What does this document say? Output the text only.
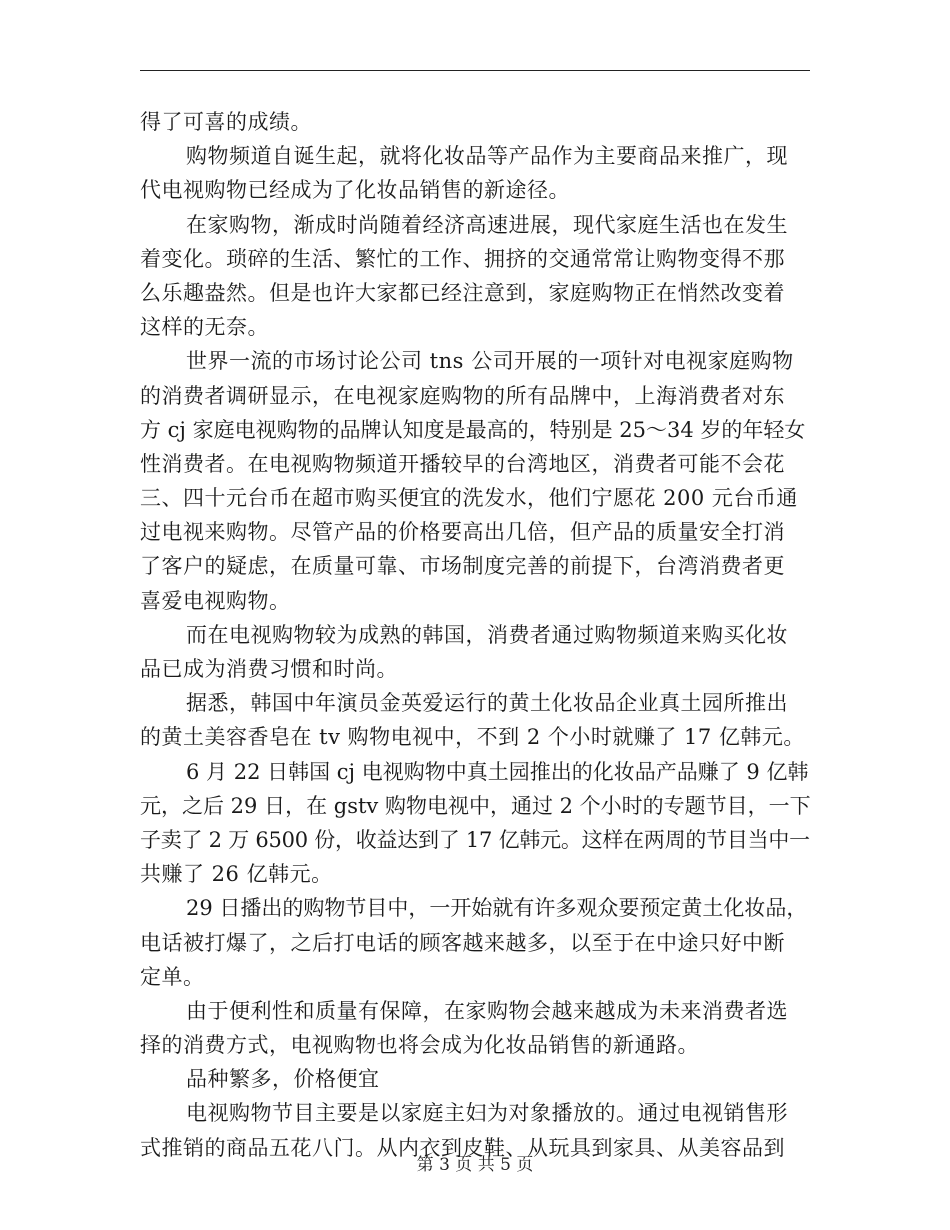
得了可喜的成绩。
购物频道自诞生起，就将化妆品等产品作为主要商品来推广，现
代电视购物已经成为了化妆品销售的新途径。
在家购物，渐成时尚随着经济高速进展，现代家庭生活也在发生
着变化。琐碎的生活、繁忙的工作、拥挤的交通常常让购物变得不那
么乐趣盎然。但是也许大家都已经注意到，家庭购物正在悄然改变着
这样的无奈。
世界一流的市场讨论公司 tns 公司开展的一项针对电视家庭购物
的消费者调研显示，在电视家庭购物的所有品牌中，上海消费者对东
方 cj 家庭电视购物的品牌认知度是最高的，特别是 25～34 岁的年轻女
性消费者。在电视购物频道开播较早的台湾地区，消费者可能不会花
三、四十元台币在超市购买便宜的洗发水，他们宁愿花 200 元台币通
过电视来购物。尽管产品的价格要高出几倍，但产品的质量安全打消
了客户的疑虑，在质量可靠、市场制度完善的前提下，台湾消费者更
喜爱电视购物。
而在电视购物较为成熟的韩国，消费者通过购物频道来购买化妆
品已成为消费习惯和时尚。
据悉，韩国中年演员金英爱运行的黄土化妆品企业真土园所推出
的黄土美容香皂在 tv 购物电视中，不到 2 个小时就赚了 17 亿韩元。
6 月 22 日韩国 cj 电视购物中真土园推出的化妆品产品赚了 9 亿韩
元，之后 29 日，在 gstv 购物电视中，通过 2 个小时的专题节目，一下
子卖了 2 万 6500 份，收益达到了 17 亿韩元。这样在两周的节目当中一
共赚了 26 亿韩元。
29 日播出的购物节目中，一开始就有许多观众要预定黄土化妆品，
电话被打爆了，之后打电话的顾客越来越多，以至于在中途只好中断
定单。
由于便利性和质量有保障，在家购物会越来越成为未来消费者选
择的消费方式，电视购物也将会成为化妆品销售的新通路。
品种繁多，价格便宜
电视购物节目主要是以家庭主妇为对象播放的。通过电视销售形
式推销的商品五花八门。从内衣到皮鞋、从玩具到家具、从美容品到
第 3 页 共 5 页
